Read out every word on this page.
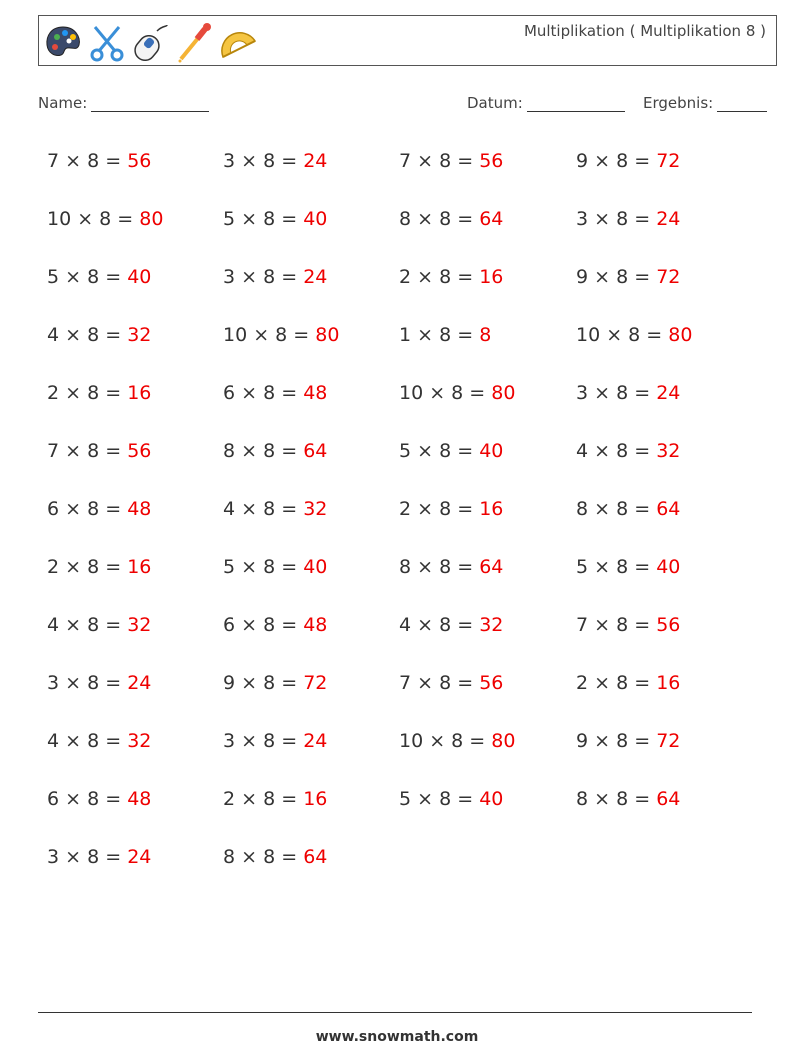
Multiplikation ( Multiplikation 8 )
Name:	Datum:	Ergebnis:
7 × 8 = 56	3 × 8 = 24	7 × 8 = 56	9 × 8 = 72
10 × 8 = 80	5 × 8 = 40	8 × 8 = 64	3 × 8 = 24
5 × 8 = 40	3 × 8 = 24	2 × 8 = 16	9 × 8 = 72
4 × 8 = 32	10 × 8 = 80	1 × 8 = 8	10 × 8 = 80
2 × 8 = 16	6 × 8 = 48	10 × 8 = 80	3 × 8 = 24
7 × 8 = 56	8 × 8 = 64	5 × 8 = 40	4 × 8 = 32
6 × 8 = 48	4 × 8 = 32	2 × 8 = 16	8 × 8 = 64
2 × 8 = 16	5 × 8 = 40	8 × 8 = 64	5 × 8 = 40
4 × 8 = 32	6 × 8 = 48	4 × 8 = 32	7 × 8 = 56
3 × 8 = 24	9 × 8 = 72	7 × 8 = 56	2 × 8 = 16
4 × 8 = 32	3 × 8 = 24	10 × 8 = 80	9 × 8 = 72
6 × 8 = 48	2 × 8 = 16	5 × 8 = 40	8 × 8 = 64
3 × 8 = 24	8 × 8 = 64
www.snowmath.com
